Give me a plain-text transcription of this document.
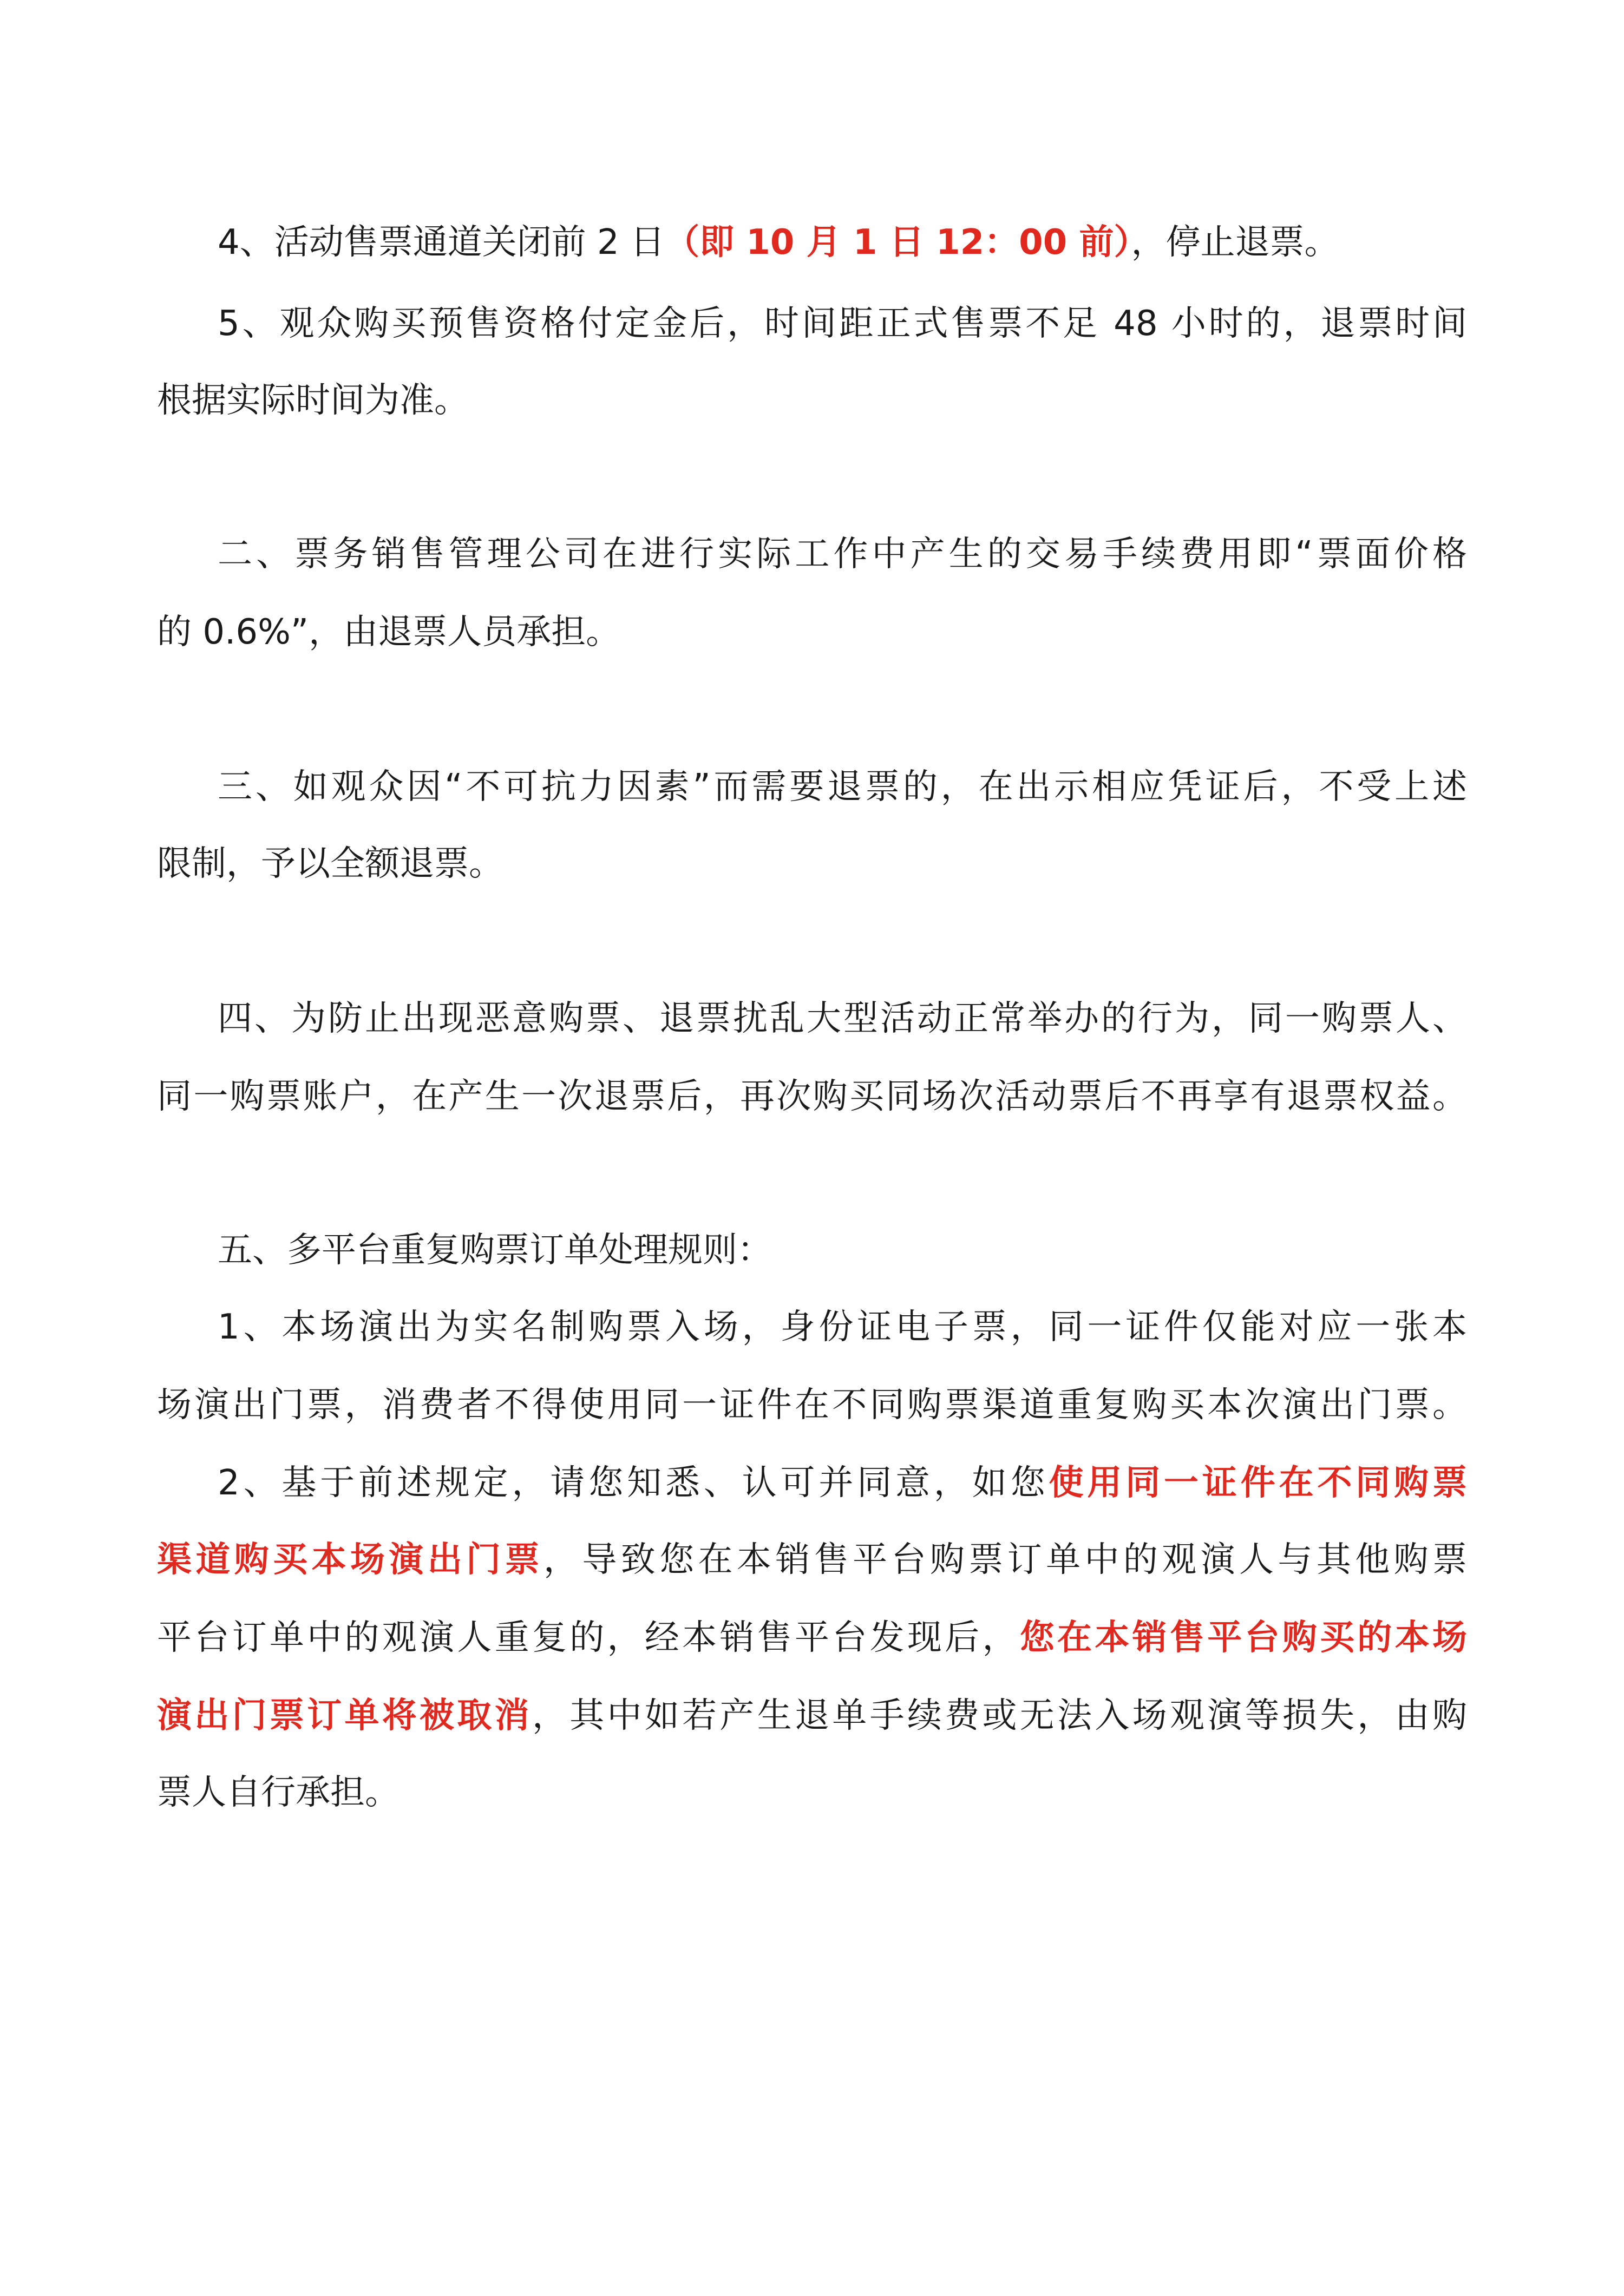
4、活动售票通道关闭前 2 日（即 10 月 1 日 12：00 前），停止退票。

5、观众购买预售资格付定金后，时间距正式售票不足 48 小时的，退票时间

根据实际时间为准。

二、票务销售管理公司在进行实际工作中产生的交易手续费用即“票面价格

的 0.6%”，由退票人员承担。

三、如观众因“不可抗力因素”而需要退票的，在出示相应凭证后，不受上述

限制，予以全额退票。

四、为防止出现恶意购票、退票扰乱大型活动正常举办的行为，同一购票人、

同一购票账户，在产生一次退票后，再次购买同场次活动票后不再享有退票权益。

五、多平台重复购票订单处理规则：

1、本场演出为实名制购票入场，身份证电子票，同一证件仅能对应一张本

场演出门票，消费者不得使用同一证件在不同购票渠道重复购买本次演出门票。

2、基于前述规定，请您知悉、认可并同意，如您使用同一证件在不同购票

渠道购买本场演出门票，导致您在本销售平台购票订单中的观演人与其他购票

平台订单中的观演人重复的，经本销售平台发现后，您在本销售平台购买的本场

演出门票订单将被取消，其中如若产生退单手续费或无法入场观演等损失，由购

票人自行承担。
